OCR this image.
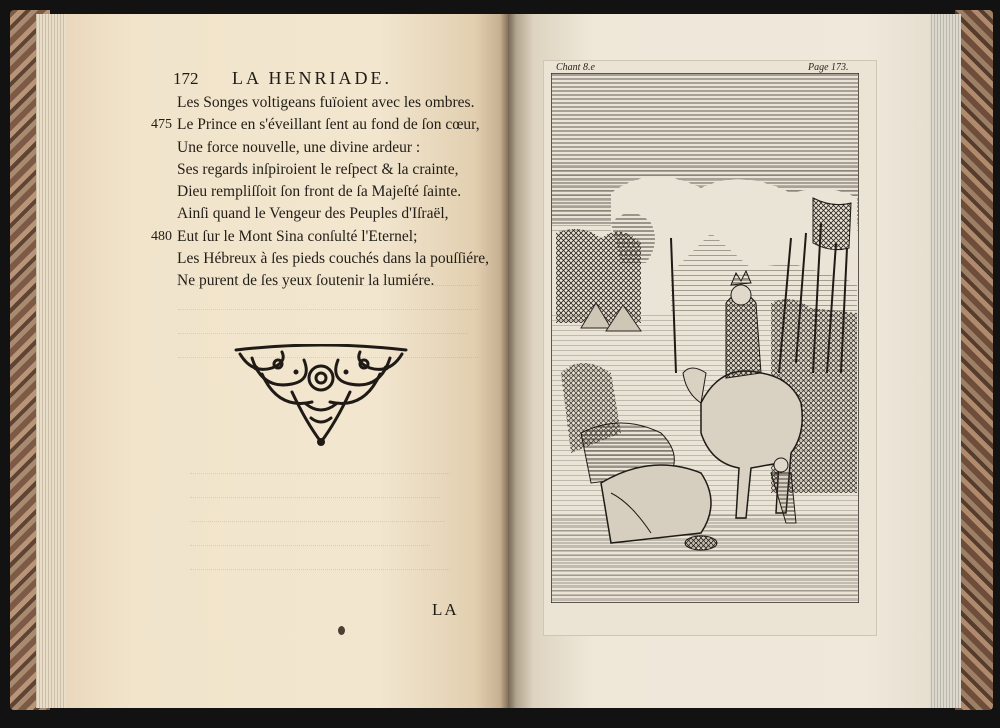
172 LA HENRIADE.
Les Songes voltigeans fuïoient avec les ombres.
475 Le Prince en s'éveillant ſent au fond de ſon cœur,
Une force nouvelle, une divine ardeur :
Ses regards inſpiroient le reſpect & la crainte,
Dieu rempliſſoit ſon front de ſa Majeſté ſainte.
Ainſi quand le Vengeur des Peuples d'Iſraël,
480 Eut ſur le Mont Sina conſulté l'Eternel;
Les Hébreux à ſes pieds couchés dans la pouſſiére,
Ne purent de ſes yeux ſoutenir la lumiére.
LA
Chant 8.e	Page 173.
